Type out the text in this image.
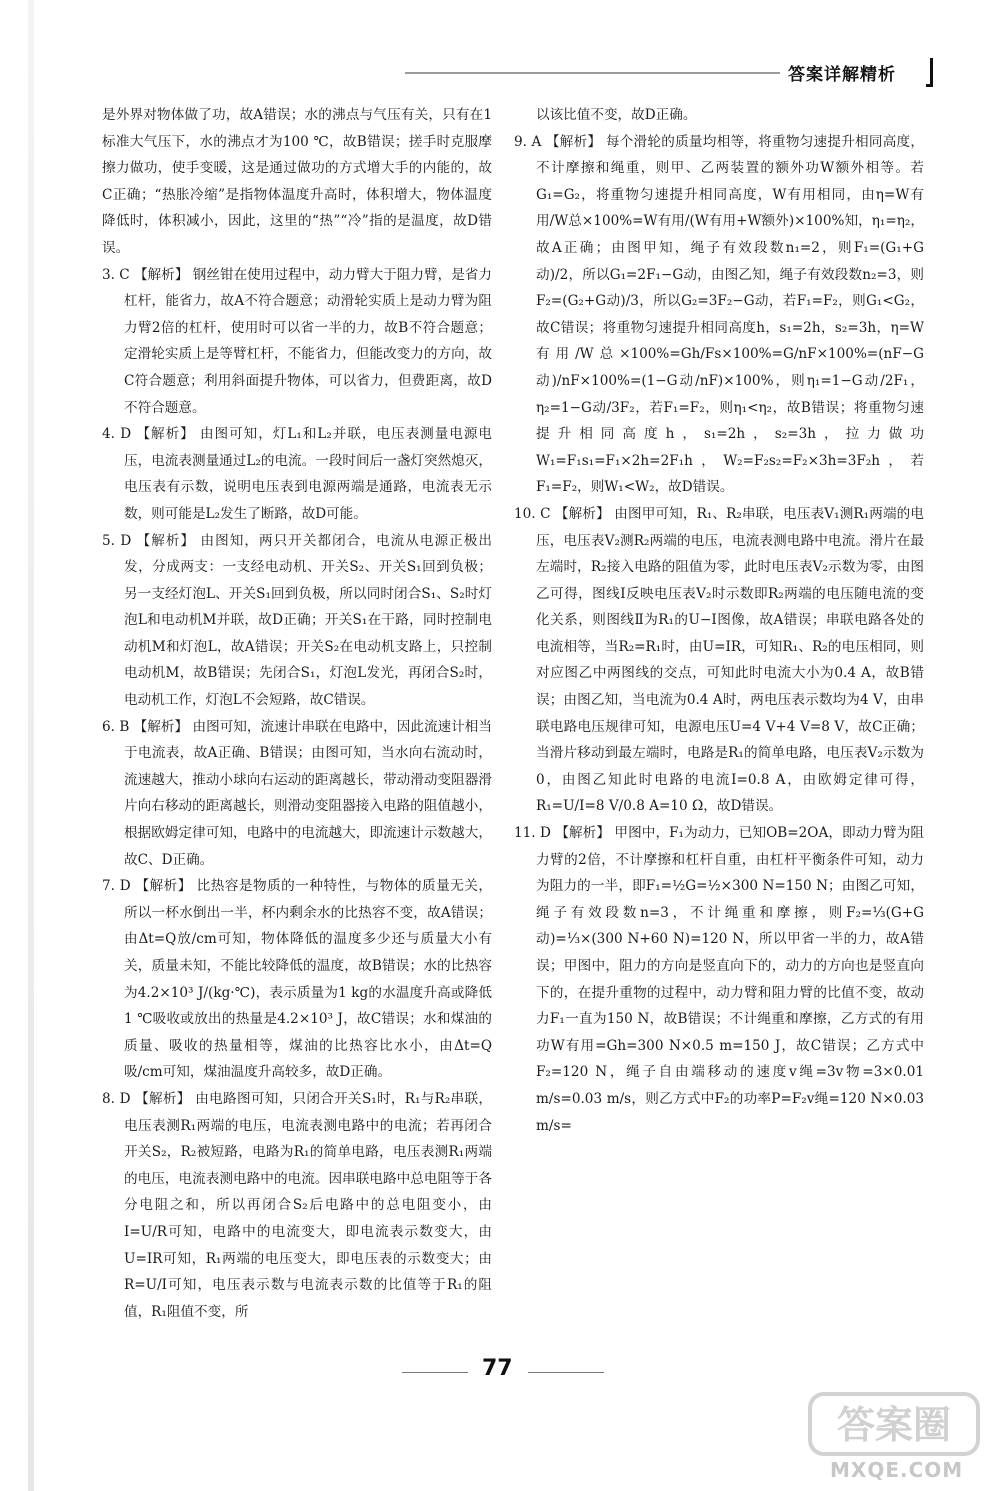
答案详解精析

是外界对物体做了功，故A错误；水的沸点与气压有关，只有在1标准大气压下，水的沸点才为100 ℃，故B错误；搓手时克服摩擦力做功，使手变暖，这是通过做功的方式增大手的内能的，故C正确；“热胀冷缩”是指物体温度升高时，体积增大，物体温度降低时，体积减小，因此，这里的“热”“冷”指的是温度，故D错误。

3. C 【解析】 钢丝钳在使用过程中，动力臂大于阻力臂，是省力杠杆，能省力，故A不符合题意；动滑轮实质上是动力臂为阻力臂2倍的杠杆，使用时可以省一半的力，故B不符合题意；定滑轮实质上是等臂杠杆，不能省力，但能改变力的方向，故C符合题意；利用斜面提升物体，可以省力，但费距离，故D不符合题意。

4. D 【解析】 由图可知，灯L₁和L₂并联，电压表测量电源电压，电流表测量通过L₂的电流。一段时间后一盏灯突然熄灭，电压表有示数，说明电压表到电源两端是通路，电流表无示数，则可能是L₂发生了断路，故D可能。

5. D 【解析】 由图知，两只开关都闭合，电流从电源正极出发，分成两支：一支经电动机、开关S₂、开关S₁回到负极；另一支经灯泡L、开关S₁回到负极，所以同时闭合S₁、S₂时灯泡L和电动机M并联，故D正确；开关S₁在干路，同时控制电动机M和灯泡L，故A错误；开关S₂在电动机支路上，只控制电动机M，故B错误；先闭合S₁，灯泡L发光，再闭合S₂时，电动机工作，灯泡L不会短路，故C错误。

6. B 【解析】 由图可知，流速计串联在电路中，因此流速计相当于电流表，故A正确、B错误；由图可知，当水向右流动时，流速越大，推动小球向右运动的距离越长，带动滑动变阻器滑片向右移动的距离越长，则滑动变阻器接入电路的阻值越小，根据欧姆定律可知，电路中的电流越大，即流速计示数越大，故C、D正确。

7. D 【解析】 比热容是物质的一种特性，与物体的质量无关，所以一杯水倒出一半，杯内剩余水的比热容不变，故A错误；由Δt=Q放/cm可知，物体降低的温度多少还与质量大小有关，质量未知，不能比较降低的温度，故B错误；水的比热容为4.2×10³ J/(kg·℃)，表示质量为1 kg的水温度升高或降低1 ℃吸收或放出的热量是4.2×10³ J，故C错误；水和煤油的质量、吸收的热量相等，煤油的比热容比水小，由Δt=Q吸/cm可知，煤油温度升高较多，故D正确。

8. D 【解析】 由电路图可知，只闭合开关S₁时，R₁与R₂串联，电压表测R₁两端的电压，电流表测电路中的电流；若再闭合开关S₂，R₂被短路，电路为R₁的简单电路，电压表测R₁两端的电压，电流表测电路中的电流。因串联电路中总电阻等于各分电阻之和，所以再闭合S₂后电路中的总电阻变小，由I=U/R可知，电路中的电流变大，即电流表示数变大，由U=IR可知，R₁两端的电压变大，即电压表的示数变大；由R=U/I可知，电压表示数与电流表示数的比值等于R₁的阻值，R₁阻值不变，所

以该比值不变，故D正确。

9. A 【解析】 每个滑轮的质量均相等，将重物匀速提升相同高度，不计摩擦和绳重，则甲、乙两装置的额外功W额外相等。若G₁=G₂，将重物匀速提升相同高度，W有用相同，由η=W有用/W总×100%=W有用/(W有用+W额外)×100%知，η₁=η₂，故A正确；由图甲知，绳子有效段数n₁=2，则F₁=(G₁+G动)/2，所以G₁=2F₁−G动，由图乙知，绳子有效段数n₂=3，则F₂=(G₂+G动)/3，所以G₂=3F₂−G动，若F₁=F₂，则G₁<G₂，故C错误；将重物匀速提升相同高度h，s₁=2h，s₂=3h，η=W有用/W总×100%=Gh/Fs×100%=G/nF×100%=(nF−G动)/nF×100%=(1−G动/nF)×100%，则η₁=1−G动/2F₁，η₂=1−G动/3F₂，若F₁=F₂，则η₁<η₂，故B错误；将重物匀速提升相同高度h，s₁=2h，s₂=3h，拉力做功W₁=F₁s₁=F₁×2h=2F₁h，W₂=F₂s₂=F₂×3h=3F₂h，若F₁=F₂，则W₁<W₂，故D错误。

10. C 【解析】 由图甲可知，R₁、R₂串联，电压表V₁测R₁两端的电压，电压表V₂测R₂两端的电压，电流表测电路中电流。滑片在最左端时，R₂接入电路的阻值为零，此时电压表V₂示数为零，由图乙可得，图线Ⅰ反映电压表V₂时示数即R₂两端的电压随电流的变化关系，则图线Ⅱ为R₁的U−I图像，故A错误；串联电路各处的电流相等，当R₂=R₁时，由U=IR，可知R₁、R₂的电压相同，则对应图乙中两图线的交点，可知此时电流大小为0.4 A，故B错误；由图乙知，当电流为0.4 A时，两电压表示数均为4 V，由串联电路电压规律可知，电源电压U=4 V+4 V=8 V，故C正确；当滑片移动到最左端时，电路是R₁的简单电路，电压表V₂示数为0，由图乙知此时电路的电流I=0.8 A，由欧姆定律可得，R₁=U/I=8 V/0.8 A=10 Ω，故D错误。

11. D 【解析】 甲图中，F₁为动力，已知OB=2OA，即动力臂为阻力臂的2倍，不计摩擦和杠杆自重，由杠杆平衡条件可知，动力为阻力的一半，即F₁=½G=½×300 N=150 N；由图乙可知，绳子有效段数n=3，不计绳重和摩擦，则F₂=⅓(G+G动)=⅓×(300 N+60 N)=120 N，所以甲省一半的力，故A错误；甲图中，阻力的方向是竖直向下的，动力的方向也是竖直向下的，在提升重物的过程中，动力臂和阻力臂的比值不变，故动力F₁一直为150 N，故B错误；不计绳重和摩擦，乙方式的有用功W有用=Gh=300 N×0.5 m=150 J，故C错误；乙方式中F₂=120 N，绳子自由端移动的速度v绳=3v物=3×0.01 m/s=0.03 m/s，则乙方式中F₂的功率P=F₂v绳=120 N×0.03 m/s=

77
答案圈
MXQE.COM
